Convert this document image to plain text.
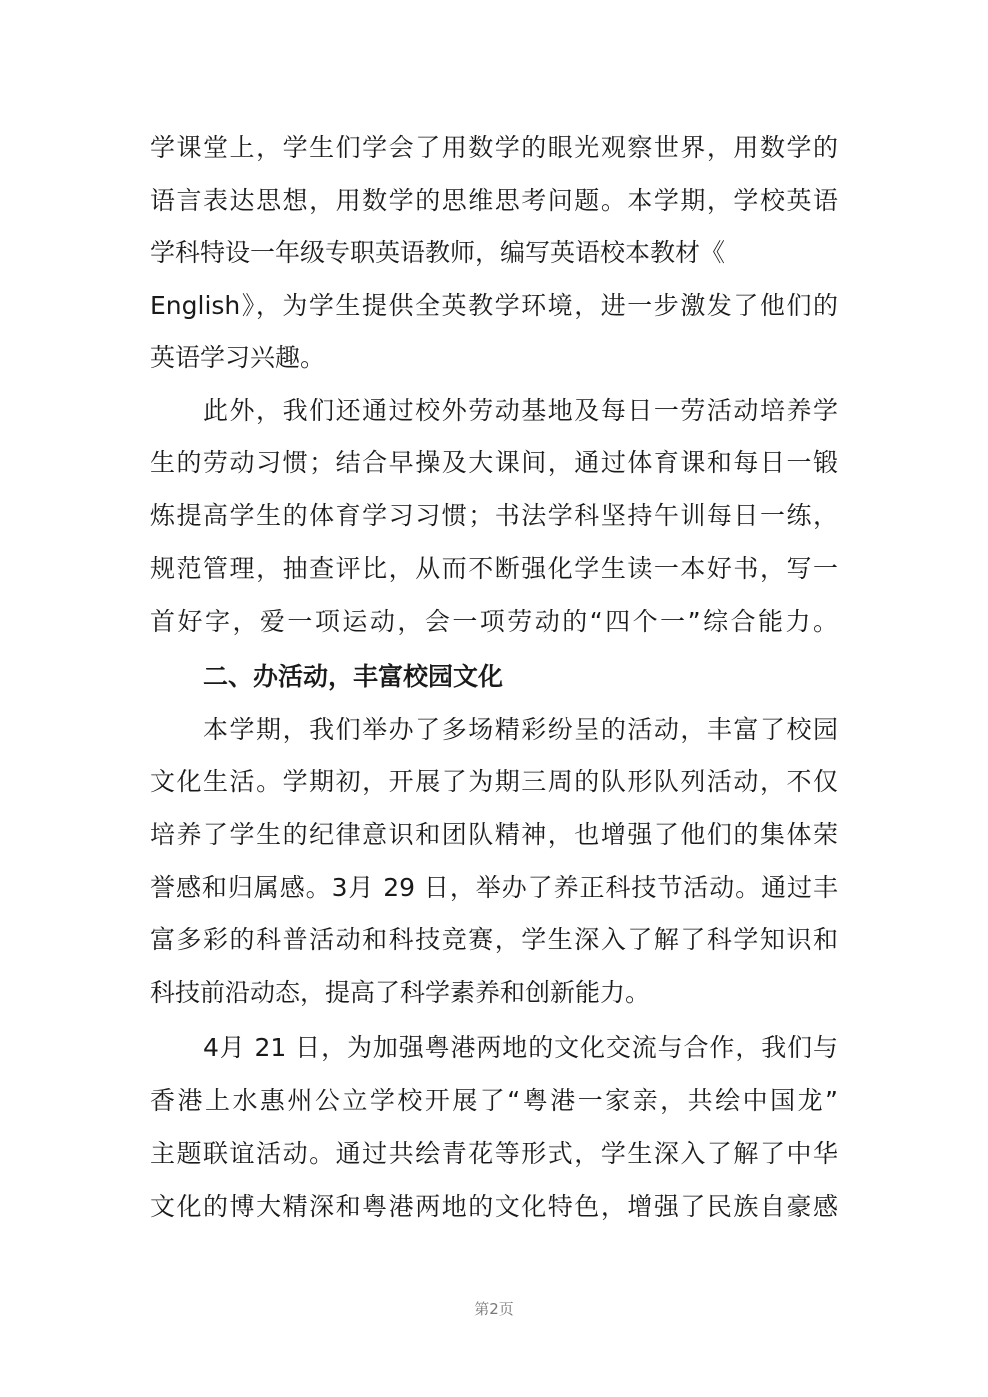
学课堂上，学生们学会了用数学的眼光观察世界，用数学的
语言表达思想，用数学的思维思考问题。本学期，学校英语
学科特设一年级专职英语教师，编写英语校本教材《
English》，为学生提供全英教学环境，进一步激发了他们的
英语学习兴趣。
此外，我们还通过校外劳动基地及每日一劳活动培养学
生的劳动习惯；结合早操及大课间，通过体育课和每日一锻
炼提高学生的体育学习习惯；书法学科坚持午训每日一练，
规范管理，抽查评比，从而不断强化学生读一本好书，写一
首好字，爱一项运动，会一项劳动的“四个一”综合能力。
二、办活动，丰富校园文化
本学期，我们举办了多场精彩纷呈的活动，丰富了校园
文化生活。学期初，开展了为期三周的队形队列活动，不仅
培养了学生的纪律意识和团队精神，也增强了他们的集体荣
誉感和归属感。3月 29 日，举办了养正科技节活动。通过丰
富多彩的科普活动和科技竞赛，学生深入了解了科学知识和
科技前沿动态，提高了科学素养和创新能力。
4月 21 日，为加强粤港两地的文化交流与合作，我们与
香港上水惠州公立学校开展了“粤港一家亲，共绘中国龙”
主题联谊活动。通过共绘青花等形式，学生深入了解了中华
文化的博大精深和粤港两地的文化特色，增强了民族自豪感
第2页
